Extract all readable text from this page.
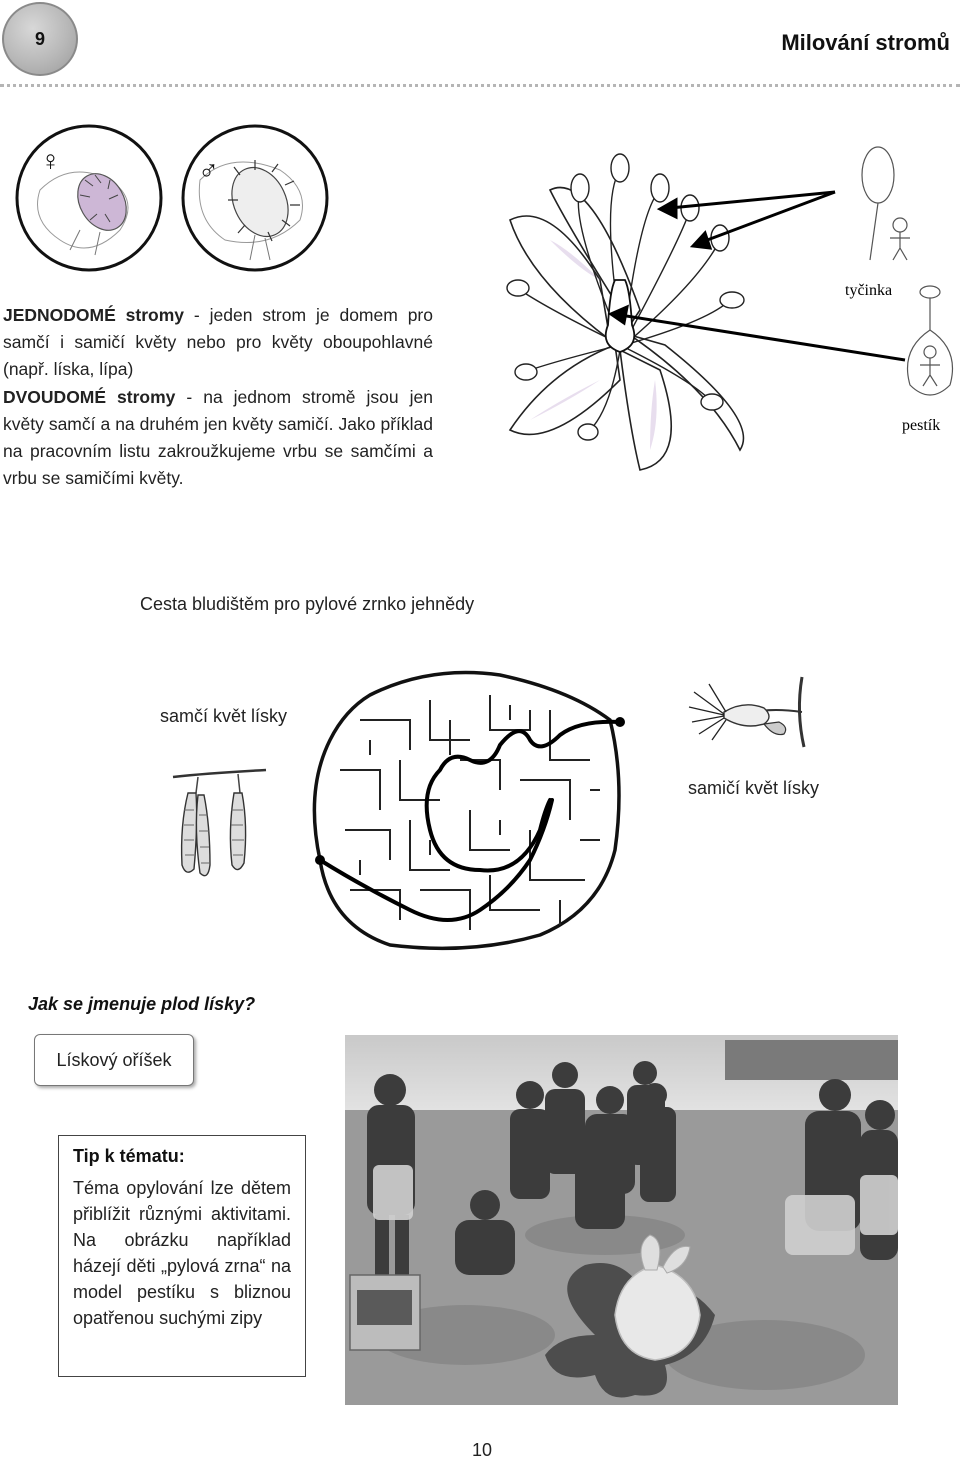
9	Milování stromů
♀	♂
JEDNODOMÉ stromy - jeden strom je domem pro samčí i samičí květy nebo pro květy oboupohlavné (např. líska, lípa)
DVOUDOMÉ stromy - na jednom stromě jsou jen květy samčí a na druhém jen květy samičí. Jako příklad na pracovním listu zakroužkujeme vrbu se samčími a vrbu se samičími květy.
tyčinka
pestík
Cesta bludištěm pro pylové zrnko jehnědy
samčí květ lísky
samičí květ lísky
Jak se jmenuje plod lísky?
Lískový oříšek
Tip k tématu:
Téma opylování lze dětem přiblížit různými aktivitami. Na obrázku například házejí děti „pylová zrna“ na model pestíku s bliznou opatřenou suchými zipy
10
